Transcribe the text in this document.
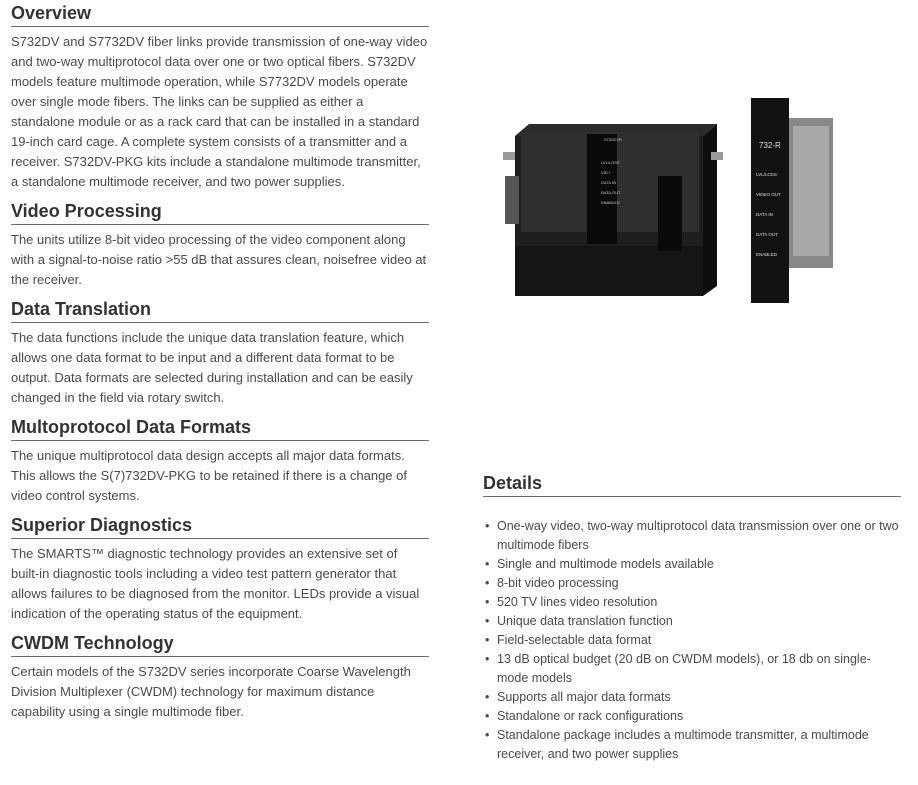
Overview

S732DV and S7732DV fiber links provide transmission of one-way video and two-way multiprotocol data over one or two optical fibers. S732DV models feature multimode operation, while S7732DV models operate over single mode fibers. The links can be supplied as either a standalone module or as a rack card that can be installed in a standard 19-inch card cage. A complete system consists of a transmitter and a receiver. S732DV-PKG kits include a standalone multimode transmitter, a standalone multimode receiver, and two power supplies.

Video Processing

The units utilize 8-bit video processing of the video component along with a signal-to-noise ratio >55 dB that assures clean, noisefree video at the receiver.

Data Translation

The data functions include the unique data translation feature, which allows one data format to be input and a different data format to be output. Data formats are selected during installation and can be easily changed in the field via rotary switch.

Multoprotocol Data Formats

The unique multiprotocol data design accepts all major data formats. This allows the S(7)732DV-PKG to be retained if there is a change of video control systems.

Superior Diagnostics

The SMARTS™ diagnostic technology provides an extensive set of built-in diagnostic tools including a video test pattern generator that allows failures to be diagnosed from the monitor. LEDs provide a visual indication of the operating status of the equipment.

CWDM Technology

Certain models of the S732DV series incorporate Coarse Wavelength Division Multiplexer (CWDM) technology for maximum distance capability using a single multimode fiber.

S732DVR
LVL/LOSS
VID I
DATA IN
DATA OUT
ENABLED
732-R
LVL/LOSS
VIDEO OUT
DATA IN
DATA OUT
ENABLED
Details
• One-way video, two-way multiprotocol data transmission over one or two multimode fibers
• Single and multimode models available
• 8-bit video processing
• 520 TV lines video resolution
• Unique data translation function
• Field-selectable data format
• 13 dB optical budget (20 dB on CWDM models), or 18 db on single-mode models
• Supports all major data formats
• Standalone or rack configurations
• Standalone package includes a multimode transmitter, a multimode receiver, and two power supplies
